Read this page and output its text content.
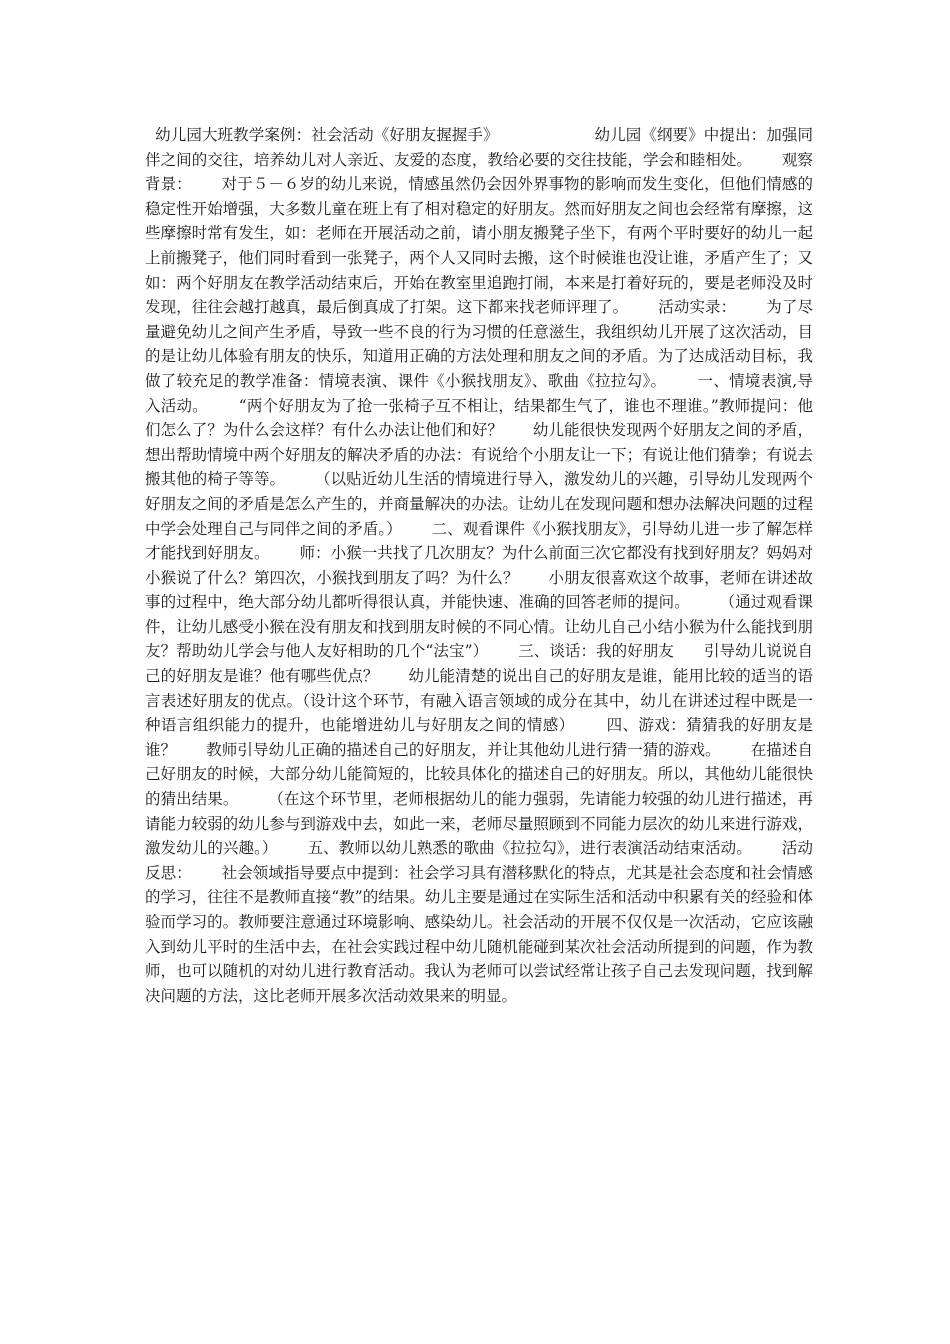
幼儿园大班教学案例：社会活动《好朋友握握手》                   幼儿园《纲要》中提出：加强同伴之间的交往，培养幼儿对人亲近、友爱的态度，教给必要的交往技能，学会和睦相处。      观察背景：      对于５－６岁的幼儿来说，情感虽然仍会因外界事物的影响而发生变化，但他们情感的稳定性开始增强，大多数儿童在班上有了相对稳定的好朋友。然而好朋友之间也会经常有摩擦，这些摩擦时常有发生，如：老师在开展活动之前，请小朋友搬凳子坐下，有两个平时要好的幼儿一起上前搬凳子，他们同时看到一张凳子，两个人又同时去搬，这个时候谁也没让谁，矛盾产生了；又如：两个好朋友在教学活动结束后，开始在教室里追跑打闹，本来是打着好玩的，要是老师没及时发现，往往会越打越真，最后倒真成了打架。这下都来找老师评理了。      活动实录：      为了尽量避免幼儿之间产生矛盾，导致一些不良的行为习惯的任意滋生，我组织幼儿开展了这次活动，目的是让幼儿体验有朋友的快乐，知道用正确的方法处理和朋友之间的矛盾。为了达成活动目标，我做了较充足的教学准备：情境表演、课件《小猴找朋友》、歌曲《拉拉勾》。      一、情境表演,导入活动。      “两个好朋友为了抢一张椅子互不相让，结果都生气了，谁也不理谁。”教师提问：他们怎么了？为什么会这样？有什么办法让他们和好？      幼儿能很快发现两个好朋友之间的矛盾，想出帮助情境中两个好朋友的解决矛盾的办法：有说给个小朋友让一下；有说让他们猜拳；有说去搬其他的椅子等等。      （以贴近幼儿生活的情境进行导入，激发幼儿的兴趣，引导幼儿发现两个好朋友之间的矛盾是怎么产生的，并商量解决的办法。让幼儿在发现问题和想办法解决问题的过程中学会处理自己与同伴之间的矛盾。）      二、观看课件《小猴找朋友》，引导幼儿进一步了解怎样才能找到好朋友。      师：小猴一共找了几次朋友？为什么前面三次它都没有找到好朋友？妈妈对小猴说了什么？第四次，小猴找到朋友了吗？为什么？      小朋友很喜欢这个故事，老师在讲述故事的过程中，绝大部分幼儿都听得很认真，并能快速、准确的回答老师的提问。      （通过观看课件，让幼儿感受小猴在没有朋友和找到朋友时候的不同心情。让幼儿自己小结小猴为什么能找到朋友？帮助幼儿学会与他人友好相助的几个“法宝”）      三、谈话：我的好朋友      引导幼儿说说自己的好朋友是谁？他有哪些优点？      幼儿能清楚的说出自己的好朋友是谁，能用比较的适当的语言表述好朋友的优点。（设计这个环节，有融入语言领域的成分在其中，幼儿在讲述过程中既是一种语言组织能力的提升，也能增进幼儿与好朋友之间的情感）      四、游戏：猜猜我的好朋友是谁？      教师引导幼儿正确的描述自己的好朋友，并让其他幼儿进行猜一猜的游戏。      在描述自己好朋友的时候，大部分幼儿能简短的，比较具体化的描述自己的好朋友。所以，其他幼儿能很快的猜出结果。      （在这个环节里，老师根据幼儿的能力强弱，先请能力较强的幼儿进行描述，再请能力较弱的幼儿参与到游戏中去，如此一来，老师尽量照顾到不同能力层次的幼儿来进行游戏，激发幼儿的兴趣。）      五、教师以幼儿熟悉的歌曲《拉拉勾》，进行表演活动结束活动。      活动反思：      社会领域指导要点中提到：社会学习具有潜移默化的特点，尤其是社会态度和社会情感的学习，往往不是教师直接“教”的结果。幼儿主要是通过在实际生活和活动中积累有关的经验和体验而学习的。教师要注意通过环境影响、感染幼儿。社会活动的开展不仅仅是一次活动，它应该融入到幼儿平时的生活中去，在社会实践过程中幼儿随机能碰到某次社会活动所提到的问题，作为教师，也可以随机的对幼儿进行教育活动。我认为老师可以尝试经常让孩子自己去发现问题，找到解决问题的方法，这比老师开展多次活动效果来的明显。
